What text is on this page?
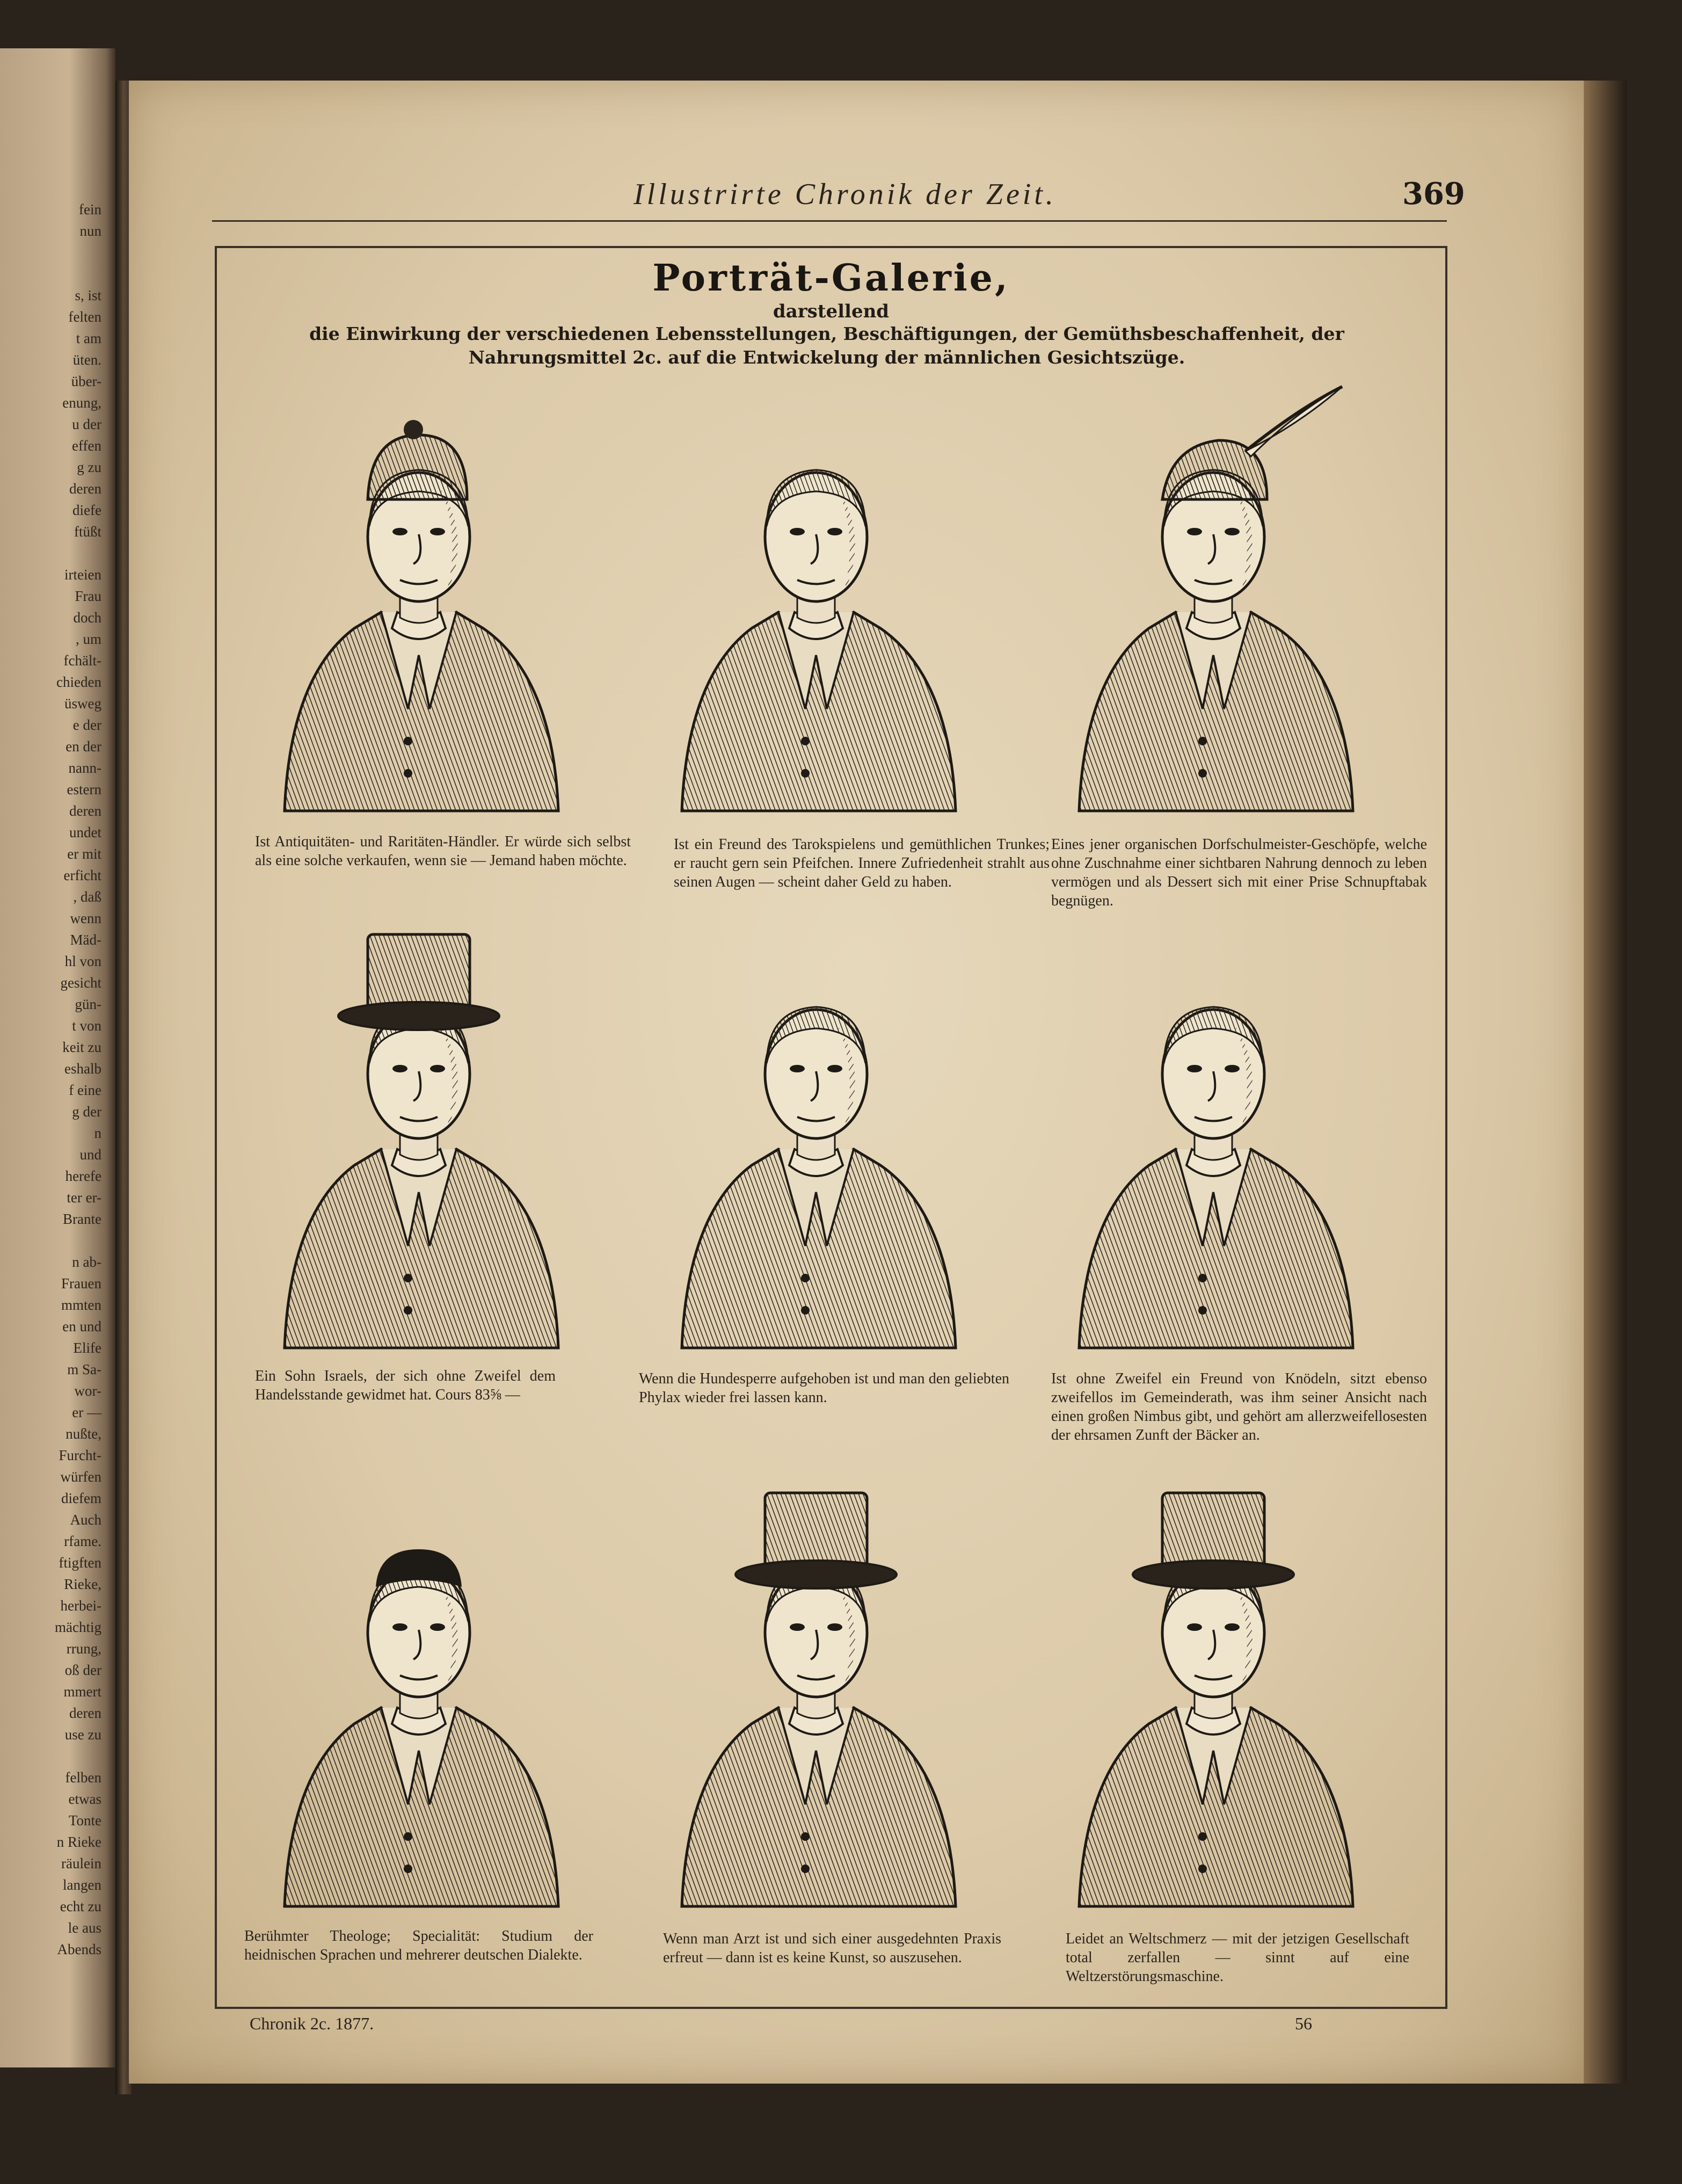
fein
nun

s, ist
felten
t am
üten.
über-
enung,
u der
effen
g zu
deren
diefe
ftüßt

irteien
Frau
doch
, um
fchält-
chieden
üsweg
e der
en der
nann-
estern
deren
undet
er mit
erficht
, daß
wenn
Mäd-
hl von
gesicht
gün-
t von
keit zu
eshalb
f eine
g der
n
und
herefe
ter er-
Brante

n ab-
Frauen
mmten
en und
Elife
m Sa-
wor-
er —
nußte,
Furcht-
würfen
diefem
Auch
rfame.
ftigften
Rieke,
herbei-
mächtig
rrung,
oß der
mmert
deren
use zu

felben
etwas
Tonte
n Rieke
räulein
langen
echt zu
le aus
Abends
Illustrirte Chronik der Zeit.	369
Porträt-Galerie,
darstellend
die Einwirkung der verschiedenen Lebensstellungen, Beschäftigungen, der Gemüthsbeschaffenheit, der Nahrungsmittel 2c. auf die Entwickelung der männlichen Gesichtszüge.
Ist Antiquitäten- und Raritäten-Händler. Er würde sich selbst als eine solche verkaufen, wenn sie — Jemand haben möchte.
Ist ein Freund des Tarokspielens und gemüthlichen Trunkes; er raucht gern sein Pfeifchen. Innere Zufriedenheit strahlt aus seinen Augen — scheint daher Geld zu haben.
Eines jener organischen Dorfschulmeister-Geschöpfe, welche ohne Zuschnahme einer sichtbaren Nahrung dennoch zu leben vermögen und als Dessert sich mit einer Prise Schnupftabak begnügen.
Ein Sohn Israels, der sich ohne Zweifel dem Handelsstande gewidmet hat. Cours 83⅝ —
Wenn die Hundesperre aufgehoben ist und man den geliebten Phylax wieder frei lassen kann.
Ist ohne Zweifel ein Freund von Knödeln, sitzt ebenso zweifellos im Gemeinderath, was ihm seiner Ansicht nach einen großen Nimbus gibt, und gehört am allerzweifellosesten der ehrsamen Zunft der Bäcker an.
Berühmter Theologe; Specialität: Studium der heidnischen Sprachen und mehrerer deutschen Dialekte.
Wenn man Arzt ist und sich einer ausgedehnten Praxis erfreut — dann ist es keine Kunst, so auszusehen.
Leidet an Weltschmerz — mit der jetzigen Gesellschaft total zerfallen — sinnt auf eine Weltzerstörungsmaschine.
Chronik 2c. 1877.	56
